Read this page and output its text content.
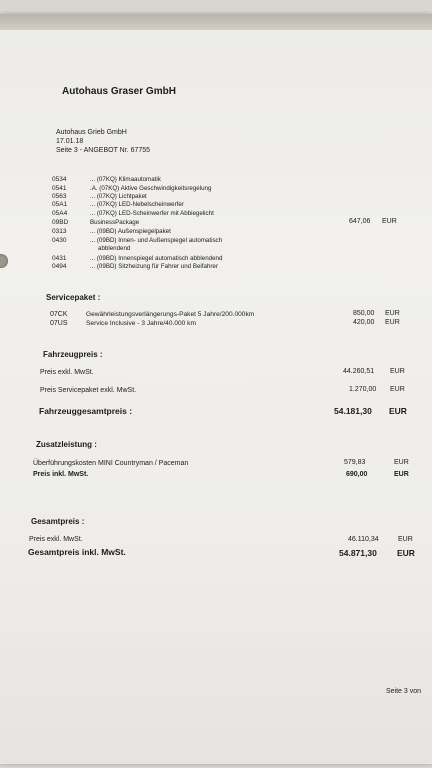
Autohaus Graser GmbH
Autohaus Grieb GmbH
17.01.18
Seite 3 - ANGEBOT Nr. 67755
0534	... (07KQ) Klimaautomatik
0541	.A. (07KQ) Aktive Geschwindigkeitsregelung
0563	... (07KQ) Lichtpaket
05A1	... (07KQ) LED-Nebelscheinwerfer
05A4	... (07KQ) LED-Scheinwerfer mit Abbiegelicht
09BD	BusinessPackage	647,06 EUR
0313	... (09BD) Außenspiegelpaket
0430	... (09BD) Innen- und Außenspiegel automatisch
abblendend
0431	... (09BD) Innenspiegel automatisch abblendend
0494	... (09BD) Sitzheizung für Fahrer und Beifahrer
Servicepaket :
07CK	Gewährleistungsverlängerungs-Paket 5 Jahre/200.000km	850,00 EUR
07US	Service Inclusive - 3 Jahre/40.000 km	420,00 EUR
Fahrzeugpreis :
Preis exkl. MwSt.	44.260,51 EUR
Preis Servicepaket exkl. MwSt.	1.270,00 EUR
Fahrzeuggesamtpreis :	54.181,30 EUR
Zusatzleistung :
Überführungskosten MINI Countryman / Paceman	579,83	EUR
Preis inkl. MwSt.	690,00	EUR
Gesamtpreis :
Preis exkl. MwSt.	46.110,34	EUR
Gesamtpreis inkl. MwSt.	54.871,30 EUR
Seite 3 von
